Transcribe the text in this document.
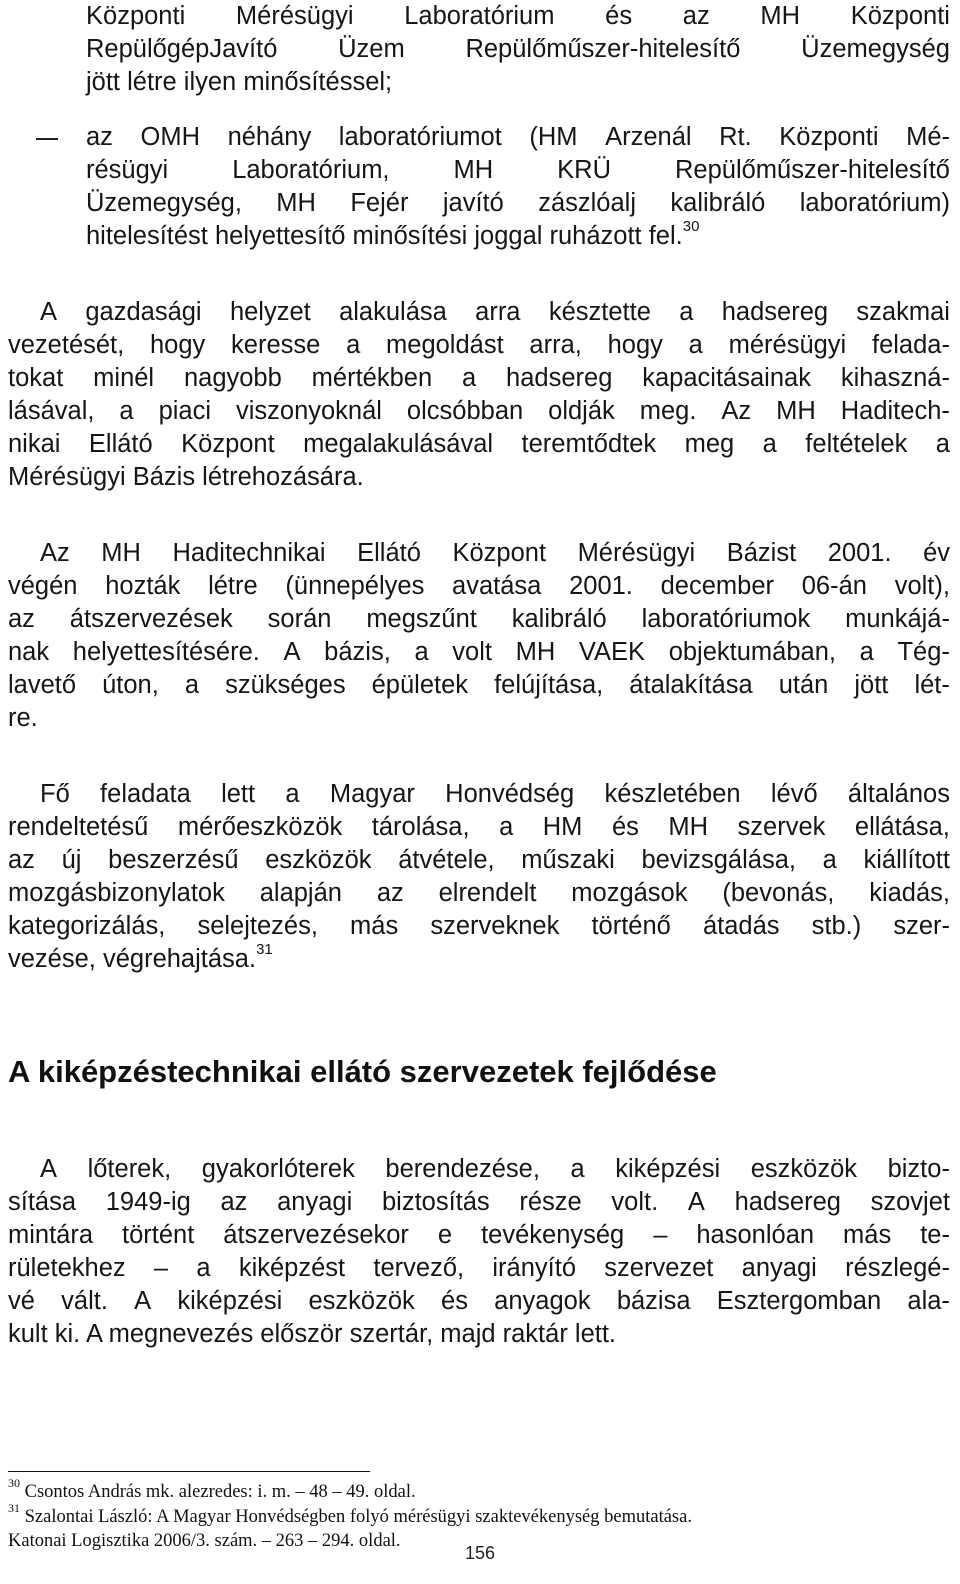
Központi Mérésügyi Laboratórium és az MH Központi
RepülőgépJavító Üzem Repülőműszer-hitelesítő Üzemegység
jött létre ilyen minősítéssel;
az OMH néhány laboratóriumot (HM Arzenál Rt. Központi Mé-
résügyi	Laboratórium,	MH	KRÜ	Repülőműszer-hitelesítő
Üzemegység, MH Fejér javító zászlóalj kalibráló laboratórium)
hitelesítést helyettesítő minősítési joggal ruházott fel.$^{30}$
A gazdasági helyzet alakulása arra késztette a hadsereg szakmai
vezetését, hogy keresse a megoldást arra, hogy a mérésügyi felada-
tokat minél nagyobb mértékben a hadsereg kapacitásainak kihaszná-
lásával, a piaci viszonyoknál olcsóbban oldják meg. Az MH Haditech-
nikai Ellátó Központ megalakulásával teremtődtek meg a feltételek a
Mérésügyi Bázis létrehozására.
Az MH Haditechnikai Ellátó Központ Mérésügyi Bázist 2001. év
végén hozták létre (ünnepélyes avatása 2001. december 06-án volt),
az átszervezések során megszűnt kalibráló laboratóriumok munkájá-
nak helyettesítésére. A bázis, a volt MH VAEK objektumában, a Tég-
lavető úton, a szükséges épületek felújítása, átalakítása után jött lét-
re.
Fő feladata lett a Magyar Honvédség készletében lévő általános
rendeltetésű mérőeszközök tárolása, a HM és MH szervek ellátása,
az új beszerzésű eszközök átvétele, műszaki bevizsgálása, a kiállított
mozgásbizonylatok alapján az elrendelt mozgások (bevonás, kiadás,
kategorizálás, selejtezés, más szerveknek történő átadás stb.) szer-
vezése, végrehajtása.$^{31}$
A kiképzéstechnikai ellátó szervezetek fejlődése
A lőterek, gyakorlóterek berendezése, a kiképzési eszközök bizto-
sítása 1949-ig az anyagi biztosítás része volt. A hadsereg szovjet
mintára történt átszervezésekor e tevékenység – hasonlóan más te-
rületekhez – a kiképzést tervező, irányító szervezet anyagi részlegé-
vé vált. A kiképzési eszközök és anyagok bázisa Esztergomban ala-
kult ki. A megnevezés először szertár, majd raktár lett.
$^{30}$ Csontos András mk. alezredes: i. m. – 48 – 49. oldal.
$^{31}$ Szalontai László: A Magyar Honvédségben folyó mérésügyi szaktevékenység bemutatása.
Katonai Logisztika 2006/3. szám. – 263 – 294. oldal.
156
